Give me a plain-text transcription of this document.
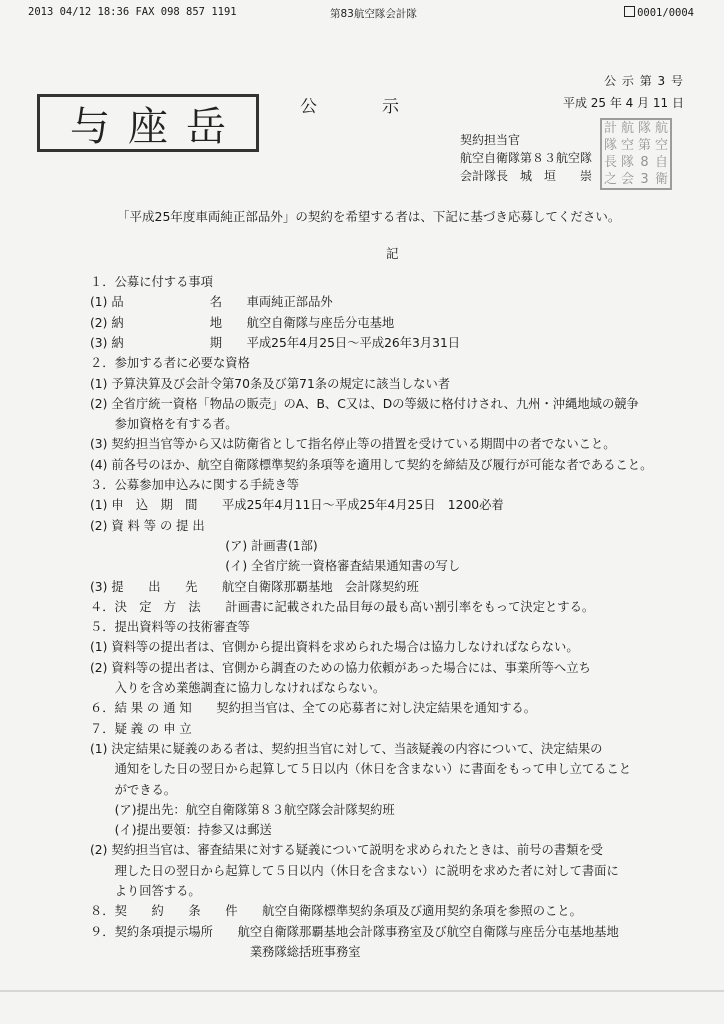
2013 04/12 18:36 FAX 098 857 1191	第83航空隊会計隊	0001/0004
与座岳	公　示
公 示 第 3 号
平成 25 年 4 月 11 日
契約担当官
航空自衛隊第８３航空隊
会計隊長　城　垣　　崇
計 航 隊 航
隊 空 第 空
長 隊 8 自
之 会 3 衛
「平成25年度車両純正部品外」の契約を希望する者は、下記に基づき応募してください。
記
１．公募に付する事項
(1) 品　　　　　　　名　　車両純正部品外
(2) 納　　　　　　　地　　航空自衛隊与座岳分屯基地
(3) 納　　　　　　　期　　平成25年4月25日～平成26年3月31日
２．参加する者に必要な資格
(1) 予算決算及び会計令第70条及び第71条の規定に該当しない者
(2) 全省庁統一資格「物品の販売」のA、B、C又は、Dの等級に格付けされ、九州・沖縄地域の競争
　　参加資格を有する者。
(3) 契約担当官等から又は防衛省として指名停止等の措置を受けている期間中の者でないこと。
(4) 前各号のほか、航空自衛隊標準契約条項等を適用して契約を締結及び履行が可能な者であること。
３．公募参加申込みに関する手続き等
(1) 申　込　期　間　　平成25年4月11日～平成25年4月25日　1200必着
(2) 資 料 等 の 提 出
　　　　　　　　　　　(ア) 計画書(1部)
　　　　　　　　　　　(イ) 全省庁統一資格審査結果通知書の写し
(3) 提　　出　　先　　航空自衛隊那覇基地　会計隊契約班
４．決　定　方　法　　計画書に記載された品目毎の最も高い割引率をもって決定とする。
５．提出資料等の技術審査等
(1) 資料等の提出者は、官側から提出資料を求められた場合は協力しなければならない。
(2) 資料等の提出者は、官側から調査のための協力依頼があった場合には、事業所等へ立ち
　　入りを含め業態調査に協力しなければならない。
６．結 果 の 通 知　　契約担当官は、全ての応募者に対し決定結果を通知する。
７．疑 義 の 申 立
(1) 決定結果に疑義のある者は、契約担当官に対して、当該疑義の内容について、決定結果の
　　通知をした日の翌日から起算して５日以内（休日を含まない）に書面をもって申し立てること
　　ができる。
　　(ア)提出先：航空自衛隊第８３航空隊会計隊契約班
　　(イ)提出要領：持参又は郵送
(2) 契約担当官は、審査結果に対する疑義について説明を求められたときは、前号の書類を受
　　理した日の翌日から起算して５日以内（休日を含まない）に説明を求めた者に対して書面に
　　より回答する。
８．契　　約　　条　　件　　航空自衛隊標準契約条項及び適用契約条項を参照のこと。
９．契約条項提示場所　　航空自衛隊那覇基地会計隊事務室及び航空自衛隊与座岳分屯基地基地
　　　　　　　　　　　　　業務隊総括班事務室
